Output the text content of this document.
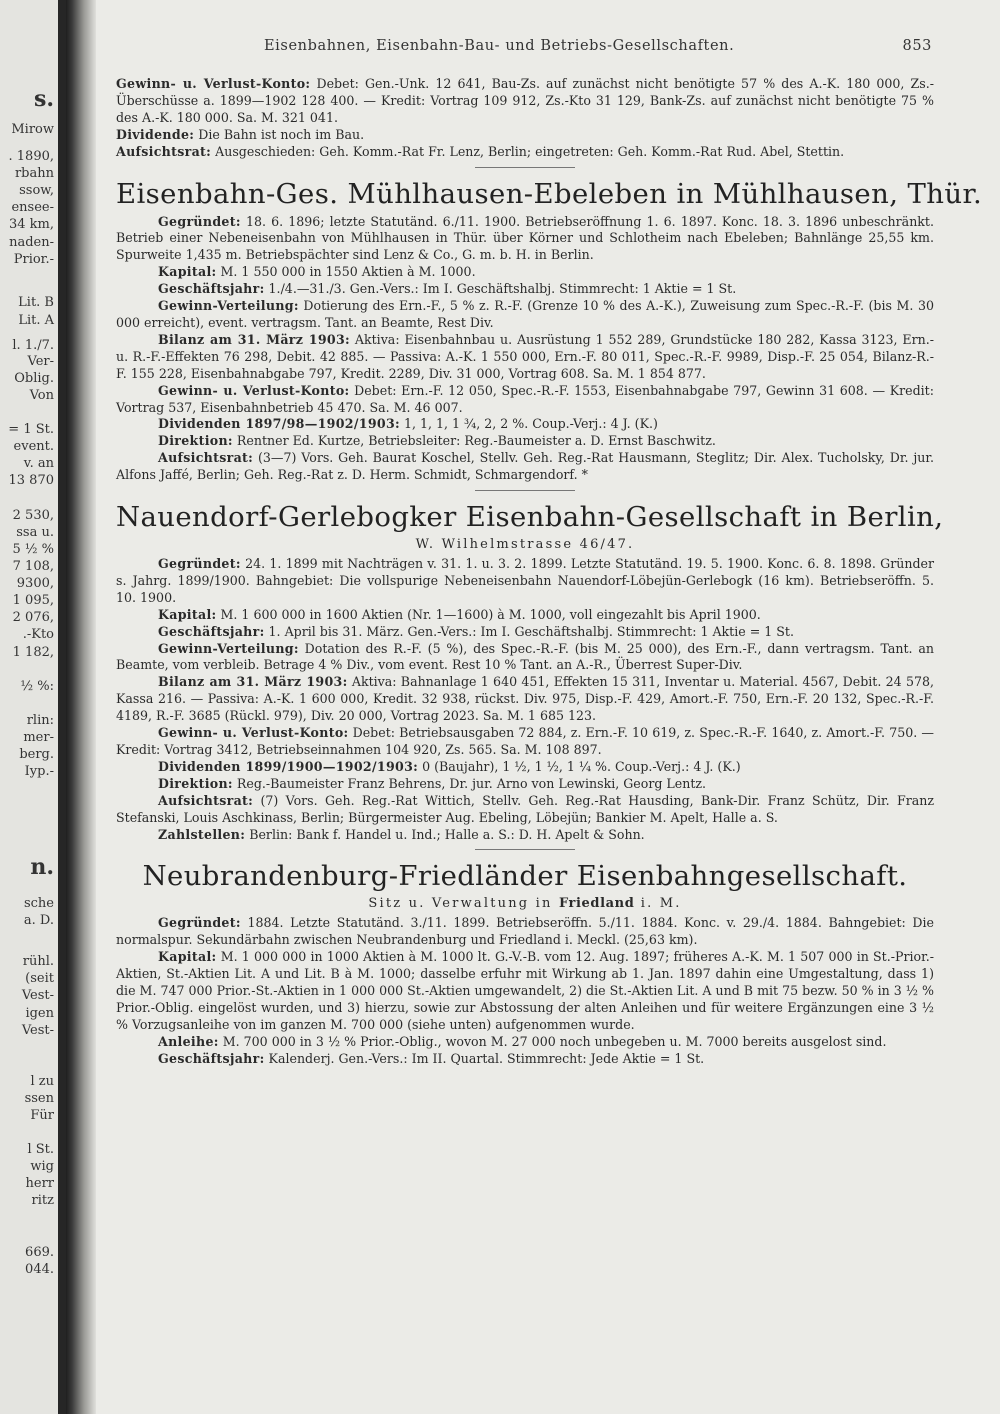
Eisenbahnen, Eisenbahn-Bau- und Betriebs-Gesellschaften.	853

Gewinn- u. Verlust-Konto: Debet: Gen.-Unk. 12 641, Bau-Zs. auf zunächst nicht benötigte 57 % des A.-K. 180 000, Zs.-Überschüsse a. 1899—1902 128 400. — Kredit: Vortrag 109 912, Zs.-Kto 31 129, Bank-Zs. auf zunächst nicht benötigte 75 % des A.-K. 180 000. Sa. M. 321 041.

Dividende: Die Bahn ist noch im Bau.

Aufsichtsrat: Ausgeschieden: Geh. Komm.-Rat Fr. Lenz, Berlin; eingetreten: Geh. Komm.-Rat Rud. Abel, Stettin.

Eisenbahn-Ges. Mühlhausen-Ebeleben in Mühlhausen, Thür.

Gegründet: 18. 6. 1896; letzte Statutänd. 6./11. 1900. Betriebseröffnung 1. 6. 1897. Konc. 18. 3. 1896 unbeschränkt. Betrieb einer Nebeneisenbahn von Mühlhausen in Thür. über Körner und Schlotheim nach Ebeleben; Bahnlänge 25,55 km. Spurweite 1,435 m. Betriebspächter sind Lenz & Co., G. m. b. H. in Berlin.

Kapital: M. 1 550 000 in 1550 Aktien à M. 1000.

Geschäftsjahr: 1./4.—31./3. Gen.-Vers.: Im I. Geschäftshalbj. Stimmrecht: 1 Aktie = 1 St.

Gewinn-Verteilung: Dotierung des Ern.-F., 5 % z. R.-F. (Grenze 10 % des A.-K.), Zuweisung zum Spec.-R.-F. (bis M. 30 000 erreicht), event. vertragsm. Tant. an Beamte, Rest Div.

Bilanz am 31. März 1903: Aktiva: Eisenbahnbau u. Ausrüstung 1 552 289, Grundstücke 180 282, Kassa 3123, Ern.- u. R.-F.-Effekten 76 298, Debit. 42 885. — Passiva: A.-K. 1 550 000, Ern.-F. 80 011, Spec.-R.-F. 9989, Disp.-F. 25 054, Bilanz-R.-F. 155 228, Eisenbahnabgabe 797, Kredit. 2289, Div. 31 000, Vortrag 608. Sa. M. 1 854 877.

Gewinn- u. Verlust-Konto: Debet: Ern.-F. 12 050, Spec.-R.-F. 1553, Eisenbahnabgabe 797, Gewinn 31 608. — Kredit: Vortrag 537, Eisenbahnbetrieb 45 470. Sa. M. 46 007.

Dividenden 1897/98—1902/1903: 1, 1, 1, 1 ¾, 2, 2 %. Coup.-Verj.: 4 J. (K.)

Direktion: Rentner Ed. Kurtze, Betriebsleiter: Reg.-Baumeister a. D. Ernst Baschwitz.

Aufsichtsrat: (3—7) Vors. Geh. Baurat Koschel, Stellv. Geh. Reg.-Rat Hausmann, Steglitz; Dir. Alex. Tucholsky, Dr. jur. Alfons Jaffé, Berlin; Geh. Reg.-Rat z. D. Herm. Schmidt, Schmargendorf. *

Nauendorf-Gerlebogker Eisenbahn-Gesellschaft in Berlin,
W. Wilhelmstrasse 46/47.

Gegründet: 24. 1. 1899 mit Nachträgen v. 31. 1. u. 3. 2. 1899. Letzte Statutänd. 19. 5. 1900. Konc. 6. 8. 1898. Gründer s. Jahrg. 1899/1900. Bahngebiet: Die vollspurige Nebeneisenbahn Nauendorf-Löbejün-Gerlebogk (16 km). Betriebseröffn. 5. 10. 1900.

Kapital: M. 1 600 000 in 1600 Aktien (Nr. 1—1600) à M. 1000, voll eingezahlt bis April 1900.

Geschäftsjahr: 1. April bis 31. März. Gen.-Vers.: Im I. Geschäftshalbj. Stimmrecht: 1 Aktie = 1 St.

Gewinn-Verteilung: Dotation des R.-F. (5 %), des Spec.-R.-F. (bis M. 25 000), des Ern.-F., dann vertragsm. Tant. an Beamte, vom verbleib. Betrage 4 % Div., vom event. Rest 10 % Tant. an A.-R., Überrest Super-Div.

Bilanz am 31. März 1903: Aktiva: Bahnanlage 1 640 451, Effekten 15 311, Inventar u. Material. 4567, Debit. 24 578, Kassa 216. — Passiva: A.-K. 1 600 000, Kredit. 32 938, rückst. Div. 975, Disp.-F. 429, Amort.-F. 750, Ern.-F. 20 132, Spec.-R.-F. 4189, R.-F. 3685 (Rückl. 979), Div. 20 000, Vortrag 2023. Sa. M. 1 685 123.

Gewinn- u. Verlust-Konto: Debet: Betriebsausgaben 72 884, z. Ern.-F. 10 619, z. Spec.-R.-F. 1640, z. Amort.-F. 750. — Kredit: Vortrag 3412, Betriebseinnahmen 104 920, Zs. 565. Sa. M. 108 897.

Dividenden 1899/1900—1902/1903: 0 (Baujahr), 1 ½, 1 ½, 1 ¼ %. Coup.-Verj.: 4 J. (K.)

Direktion: Reg.-Baumeister Franz Behrens, Dr. jur. Arno von Lewinski, Georg Lentz.

Aufsichtsrat: (7) Vors. Geh. Reg.-Rat Wittich, Stellv. Geh. Reg.-Rat Hausding, Bank-Dir. Franz Schütz, Dir. Franz Stefanski, Louis Aschkinass, Berlin; Bürgermeister Aug. Ebeling, Löbejün; Bankier M. Apelt, Halle a. S.

Zahlstellen: Berlin: Bank f. Handel u. Ind.; Halle a. S.: D. H. Apelt & Sohn.

Neubrandenburg-Friedländer Eisenbahngesellschaft.
Sitz u. Verwaltung in Friedland i. M.

Gegründet: 1884. Letzte Statutänd. 3./11. 1899. Betriebseröffn. 5./11. 1884. Konc. v. 29./4. 1884. Bahngebiet: Die normalspur. Sekundärbahn zwischen Neubrandenburg und Friedland i. Meckl. (25,63 km).

Kapital: M. 1 000 000 in 1000 Aktien à M. 1000 lt. G.-V.-B. vom 12. Aug. 1897; früheres A.-K. M. 1 507 000 in St.-Prior.-Aktien, St.-Aktien Lit. A und Lit. B à M. 1000; dasselbe erfuhr mit Wirkung ab 1. Jan. 1897 dahin eine Umgestaltung, dass 1) die M. 747 000 Prior.-St.-Aktien in 1 000 000 St.-Aktien umgewandelt, 2) die St.-Aktien Lit. A und B mit 75 bezw. 50 % in 3 ½ % Prior.-Oblig. eingelöst wurden, und 3) hierzu, sowie zur Abstossung der alten Anleihen und für weitere Ergänzungen eine 3 ½ % Vorzugsanleihe von im ganzen M. 700 000 (siehe unten) aufgenommen wurde.

Anleihe: M. 700 000 in 3 ½ % Prior.-Oblig., wovon M. 27 000 noch unbegeben u. M. 7000 bereits ausgelost sind.

Geschäftsjahr: Kalenderj. Gen.-Vers.: Im II. Quartal. Stimmrecht: Jede Aktie = 1 St.

s.
Mirow
. 1890,
rbahn
ssow,
ensee-
34 km,
naden-
Prior.-
Lit. B
Lit. A
l. 1./7.
Ver-
Oblig.
Von
= 1 St.
event.
v. an
13 870
2 530,
ssa u.
5 ½ %
7 108,
9300,
1 095,
2 076,
.-Kto
1 182,
½ %:
rlin:
mer-
berg.
Iyp.-
n.
sche
a. D.
rühl.
(seit
Vest-
igen
Vest-
l zu
ssen
Für
l St.
wig
herr
ritz
669.
044.
